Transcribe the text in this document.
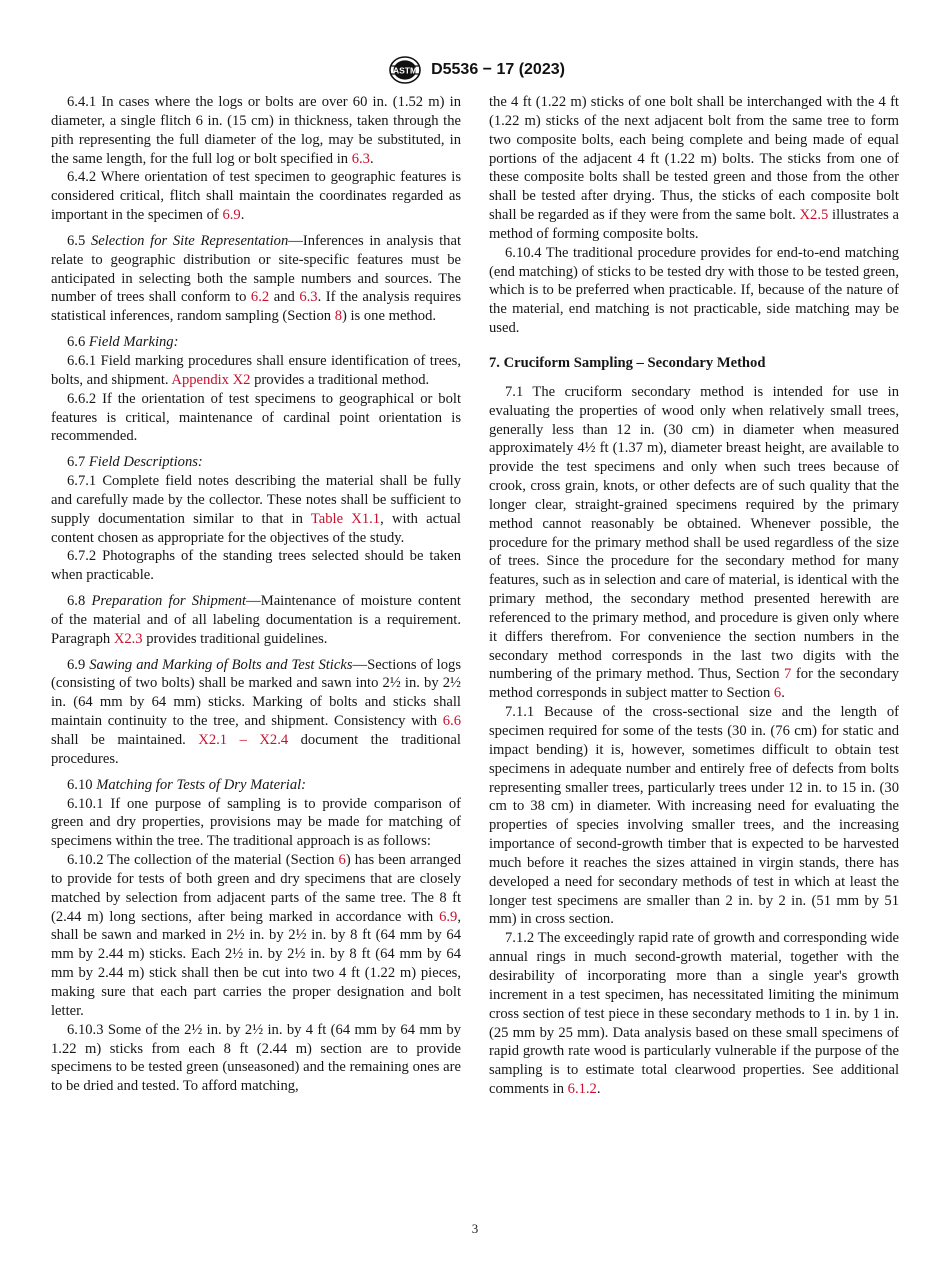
ASTM D5536 − 17 (2023)

6.4.1 In cases where the logs or bolts are over 60 in. (1.52 m) in diameter, a single flitch 6 in. (15 cm) in thickness, taken through the pith representing the full diameter of the log, may be substituted, in the same length, for the full log or bolt specified in 6.3.

6.4.2 Where orientation of test specimen to geographic features is considered critical, flitch shall maintain the coordinates regarded as important in the specimen of 6.9.

6.5 Selection for Site Representation—Inferences in analysis that relate to geographic distribution or site-specific features must be anticipated in selecting both the sample numbers and sources. The number of trees shall conform to 6.2 and 6.3. If the analysis requires statistical inferences, random sampling (Section 8) is one method.

6.6 Field Marking:

6.6.1 Field marking procedures shall ensure identification of trees, bolts, and shipment. Appendix X2 provides a traditional method.

6.6.2 If the orientation of test specimens to geographical or bolt features is critical, maintenance of cardinal point orientation is recommended.

6.7 Field Descriptions:

6.7.1 Complete field notes describing the material shall be fully and carefully made by the collector. These notes shall be sufficient to supply documentation similar to that in Table X1.1, with actual content chosen as appropriate for the objectives of the study.

6.7.2 Photographs of the standing trees selected should be taken when practicable.

6.8 Preparation for Shipment—Maintenance of moisture content of the material and of all labeling documentation is a requirement. Paragraph X2.3 provides traditional guidelines.

6.9 Sawing and Marking of Bolts and Test Sticks—Sections of logs (consisting of two bolts) shall be marked and sawn into 2½ in. by 2½ in. (64 mm by 64 mm) sticks. Marking of bolts and sticks shall maintain continuity to the tree, and shipment. Consistency with 6.6 shall be maintained. X2.1 – X2.4 document the traditional procedures.

6.10 Matching for Tests of Dry Material:

6.10.1 If one purpose of sampling is to provide comparison of green and dry properties, provisions may be made for matching of specimens within the tree. The traditional approach is as follows:

6.10.2 The collection of the material (Section 6) has been arranged to provide for tests of both green and dry specimens that are closely matched by selection from adjacent parts of the same tree. The 8 ft (2.44 m) long sections, after being marked in accordance with 6.9, shall be sawn and marked in 2½ in. by 2½ in. by 8 ft (64 mm by 64 mm by 2.44 m) sticks. Each 2½ in. by 2½ in. by 8 ft (64 mm by 64 mm by 2.44 m) stick shall then be cut into two 4 ft (1.22 m) pieces, making sure that each part carries the proper designation and bolt letter.

6.10.3 Some of the 2½ in. by 2½ in. by 4 ft (64 mm by 64 mm by 1.22 m) sticks from each 8 ft (2.44 m) section are to provide specimens to be tested green (unseasoned) and the remaining ones are to be dried and tested. To afford matching,

the 4 ft (1.22 m) sticks of one bolt shall be interchanged with the 4 ft (1.22 m) sticks of the next adjacent bolt from the same tree to form two composite bolts, each being complete and being made of equal portions of the adjacent 4 ft (1.22 m) bolts. The sticks from one of these composite bolts shall be tested green and those from the other shall be tested after drying. Thus, the sticks of each composite bolt shall be regarded as if they were from the same bolt. X2.5 illustrates a method of forming composite bolts.

6.10.4 The traditional procedure provides for end-to-end matching (end matching) of sticks to be tested dry with those to be tested green, which is to be preferred when practicable. If, because of the nature of the material, end matching is not practicable, side matching may be used.

7. Cruciform Sampling – Secondary Method

7.1 The cruciform secondary method is intended for use in evaluating the properties of wood only when relatively small trees, generally less than 12 in. (30 cm) in diameter when measured approximately 4½ ft (1.37 m), diameter breast height, are available to provide the test specimens and only when such trees because of crook, cross grain, knots, or other defects are of such quality that the longer clear, straight-grained specimens required by the primary method cannot reasonably be obtained. Whenever possible, the procedure for the primary method shall be used regardless of the size of trees. Since the procedure for the secondary method for many features, such as in selection and care of material, is identical with the primary method, the secondary method presented herewith are referenced to the primary method, and procedure is given only where it differs therefrom. For convenience the section numbers in the secondary method corresponds in the last two digits with the numbering of the primary method. Thus, Section 7 for the secondary method corresponds in subject matter to Section 6.

7.1.1 Because of the cross-sectional size and the length of specimen required for some of the tests (30 in. (76 cm) for static and impact bending) it is, however, sometimes difficult to obtain test specimens in adequate number and entirely free of defects from bolts representing smaller trees, particularly trees under 12 in. to 15 in. (30 cm to 38 cm) in diameter. With increasing need for evaluating the properties of species involving smaller trees, and the increasing importance of second-growth timber that is expected to be harvested much before it reaches the sizes attained in virgin stands, there has developed a need for secondary methods of test in which at least the longer test specimens are smaller than 2 in. by 2 in. (51 mm by 51 mm) in cross section.

7.1.2 The exceedingly rapid rate of growth and corresponding wide annual rings in much second-growth material, together with the desirability of incorporating more than a single year's growth increment in a test specimen, has necessitated limiting the minimum cross section of test piece in these secondary methods to 1 in. by 1 in. (25 mm by 25 mm). Data analysis based on these small specimens of rapid growth rate wood is particularly vulnerable if the purpose of the sampling is to estimate total clearwood properties. See additional comments in 6.1.2.

3
